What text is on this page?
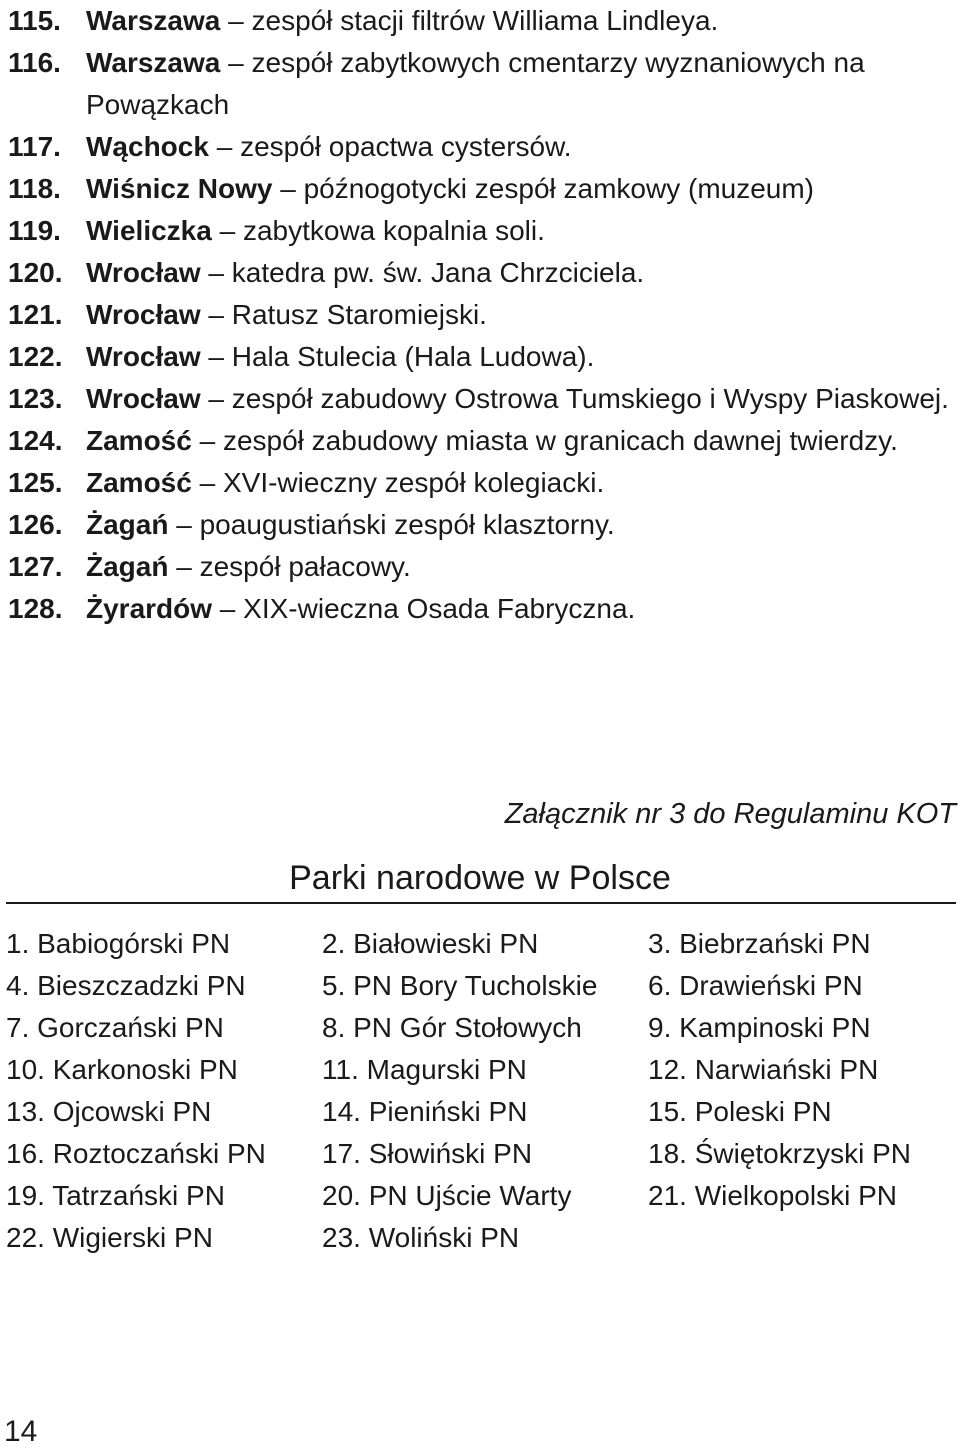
115. Warszawa – zespół stacji filtrów Williama Lindleya.
116. Warszawa – zespół zabytkowych cmentarzy wyznaniowych na Powązkach
117. Wąchock – zespół opactwa cystersów.
118. Wiśnicz Nowy – późnogotycki zespół zamkowy (muzeum)
119. Wieliczka – zabytkowa kopalnia soli.
120. Wrocław – katedra pw. św. Jana Chrzciciela.
121. Wrocław – Ratusz Staromiejski.
122. Wrocław – Hala Stulecia (Hala Ludowa).
123. Wrocław – zespół zabudowy Ostrowa Tumskiego i Wyspy Piaskowej.
124. Zamość – zespół zabudowy miasta w granicach dawnej twierdzy.
125. Zamość – XVI-wieczny zespół kolegiacki.
126. Żagań – poaugustiański zespół klasztorny.
127. Żagań – zespół pałacowy.
128. Żyrardów – XIX-wieczna Osada Fabryczna.
Załącznik nr 3 do Regulaminu KOT
Parki narodowe w Polsce
1. Babiogórski PN	2. Białowieski PN	3. Biebrzański PN
4. Bieszczadzki PN	5. PN Bory Tucholskie	6. Drawieński PN
7. Gorczański PN	8. PN Gór Stołowych	9. Kampinoski PN
10. Karkonoski PN	11. Magurski PN	12. Narwiański PN
13. Ojcowski PN	14. Pieniński PN	15. Poleski PN
16. Roztoczański PN	17. Słowiński PN	18. Świętokrzyski PN
19. Tatrzański PN	20. PN Ujście Warty	21. Wielkopolski PN
22. Wigierski PN	23. Woliński PN
14
